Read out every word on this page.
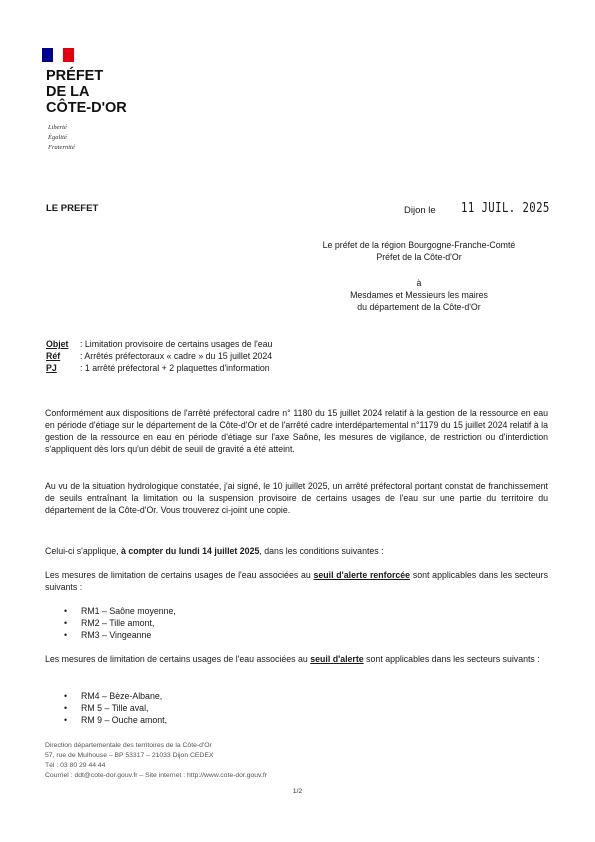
PRÉFET
DE LA
CÔTE-D'OR
Liberté
Égalité
Fraternité
LE PREFET	Dijon le 11 JUIL. 2025
Le préfet de la région Bourgogne-Franche-Comté
Préfet de la Côte-d'Or
à
Mesdames et Messieurs les maires
du département de la Côte-d'Or
Objet : Limitation provisoire de certains usages de l'eau
Réf : Arrêtés préfectoraux « cadre » du 15 juillet 2024
PJ	: 1 arrêté préfectoral + 2 plaquettes d'information
Conformément aux dispositions de l'arrêté préfectoral cadre n° 1180 du 15 juillet 2024 relatif à la gestion de la ressource en eau en période d'étiage sur le département de la Côte-d'Or et de l'arrêté cadre interdépartemental n°1179 du 15 juillet 2024 relatif à la gestion de la ressource en eau en période d'étiage sur l'axe Saône, les mesures de vigilance, de restriction ou d'interdiction s'appliquent dès lors qu'un débit de seuil de gravité a été atteint.
Au vu de la situation hydrologique constatée, j'ai signé, le 10 juillet 2025, un arrêté préfectoral portant constat de franchissement de seuils entraînant la limitation ou la suspension provisoire de certains usages de l'eau sur une partie du territoire du département de la Côte-d'Or. Vous trouverez ci-joint une copie.
Celui-ci s'applique, à compter du lundi 14 juillet 2025, dans les conditions suivantes :
Les mesures de limitation de certains usages de l'eau associées au seuil d'alerte renforcée sont applicables dans les secteurs suivants :
• RM1 – Saône moyenne,
• RM2 – Tille amont,
• RM3 – Vingeanne
Les mesures de limitation de certains usages de l'eau associées au seuil d'alerte sont applicables dans les secteurs suivants :
• RM4 – Bèze-Albane,
• RM 5 – Tille aval,
• RM 9 – Ouche amont,
Direction départementale des territoires de la Côte-d'Or
57, rue de Mulhouse – BP 53317 – 21033 Dijon CEDEX
Tél : 03 80 29 44 44
Courriel : ddt@cote-dor.gouv.fr – Site internet : http://www.cote-dor.gouv.fr
1/2
